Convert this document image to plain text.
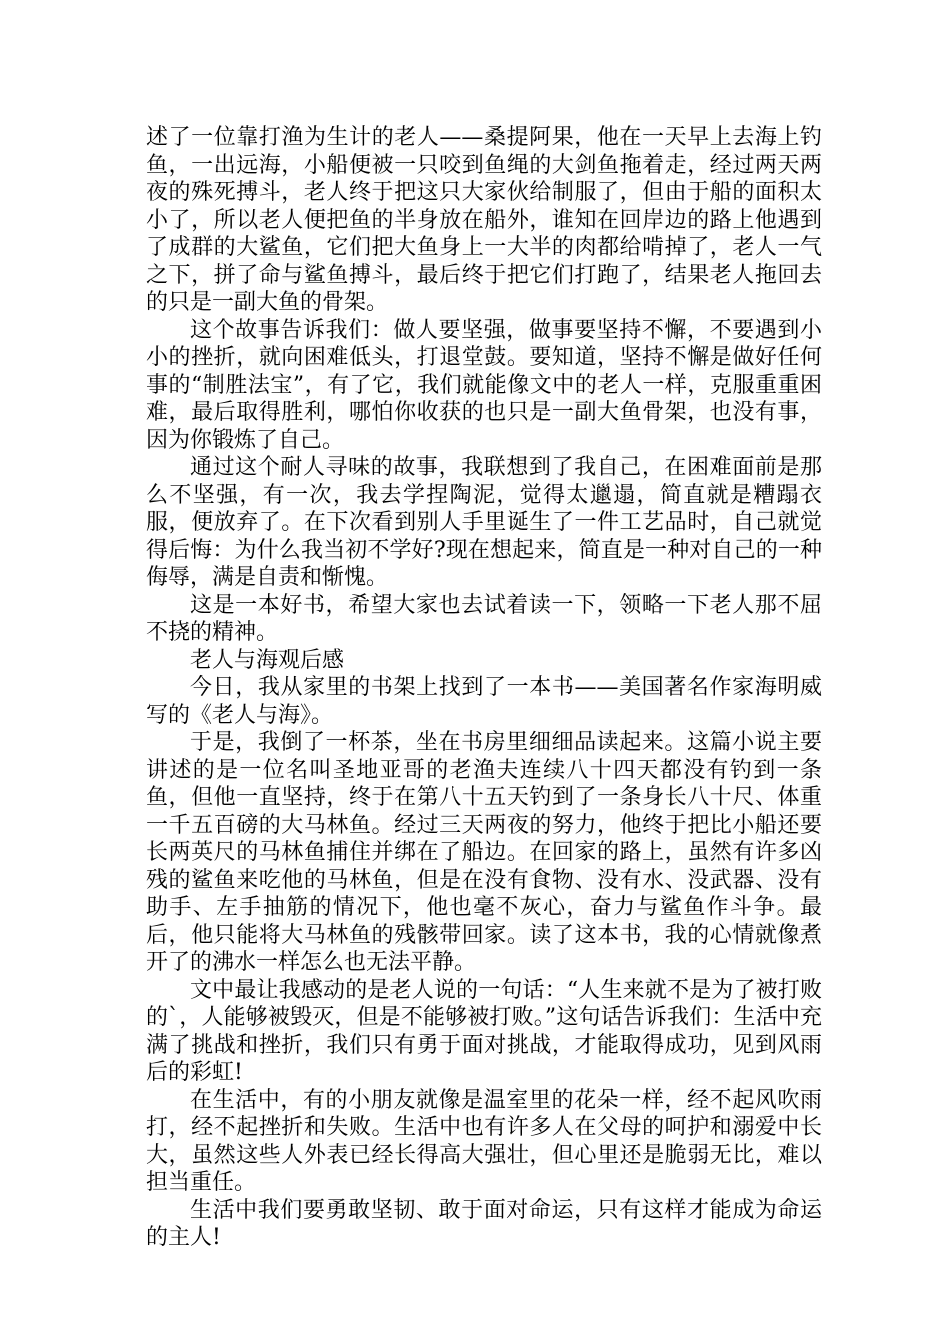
述了一位靠打渔为生计的老人——桑提阿果，他在一天早上去海上钓鱼，一出远海，小船便被一只咬到鱼绳的大剑鱼拖着走，经过两天两夜的殊死搏斗，老人终于把这只大家伙给制服了，但由于船的面积太小了，所以老人便把鱼的半身放在船外，谁知在回岸边的路上他遇到了成群的大鲨鱼，它们把大鱼身上一大半的肉都给啃掉了，老人一气之下，拼了命与鲨鱼搏斗，最后终于把它们打跑了，结果老人拖回去的只是一副大鱼的骨架。

这个故事告诉我们：做人要坚强，做事要坚持不懈，不要遇到小小的挫折，就向困难低头，打退堂鼓。要知道，坚持不懈是做好任何事的“制胜法宝”，有了它，我们就能像文中的老人一样，克服重重困难，最后取得胜利，哪怕你收获的也只是一副大鱼骨架，也没有事，因为你锻炼了自己。

通过这个耐人寻味的故事，我联想到了我自己，在困难面前是那么不坚强，有一次，我去学捏陶泥，觉得太邋遢，简直就是糟蹋衣服，便放弃了。在下次看到别人手里诞生了一件工艺品时，自己就觉得后悔：为什么我当初不学好?现在想起来，简直是一种对自己的一种侮辱，满是自责和惭愧。

这是一本好书，希望大家也去试着读一下，领略一下老人那不屈不挠的精神。

老人与海观后感

今日，我从家里的书架上找到了一本书——美国著名作家海明威写的《老人与海》。

于是，我倒了一杯茶，坐在书房里细细品读起来。这篇小说主要讲述的是一位名叫圣地亚哥的老渔夫连续八十四天都没有钓到一条鱼，但他一直坚持，终于在第八十五天钓到了一条身长八十尺、体重一千五百磅的大马林鱼。经过三天两夜的努力，他终于把比小船还要长两英尺的马林鱼捕住并绑在了船边。在回家的路上，虽然有许多凶残的鲨鱼来吃他的马林鱼，但是在没有食物、没有水、没武器、没有助手、左手抽筋的情况下，他也毫不灰心，奋力与鲨鱼作斗争。最后，他只能将大马林鱼的残骸带回家。读了这本书，我的心情就像煮开了的沸水一样怎么也无法平静。

文中最让我感动的是老人说的一句话：“人生来就不是为了被打败的`，人能够被毁灭，但是不能够被打败。”这句话告诉我们：生活中充满了挑战和挫折，我们只有勇于面对挑战，才能取得成功，见到风雨后的彩虹!

在生活中，有的小朋友就像是温室里的花朵一样，经不起风吹雨打，经不起挫折和失败。生活中也有许多人在父母的呵护和溺爱中长大，虽然这些人外表已经长得高大强壮，但心里还是脆弱无比，难以担当重任。

生活中我们要勇敢坚韧、敢于面对命运，只有这样才能成为命运的主人!
